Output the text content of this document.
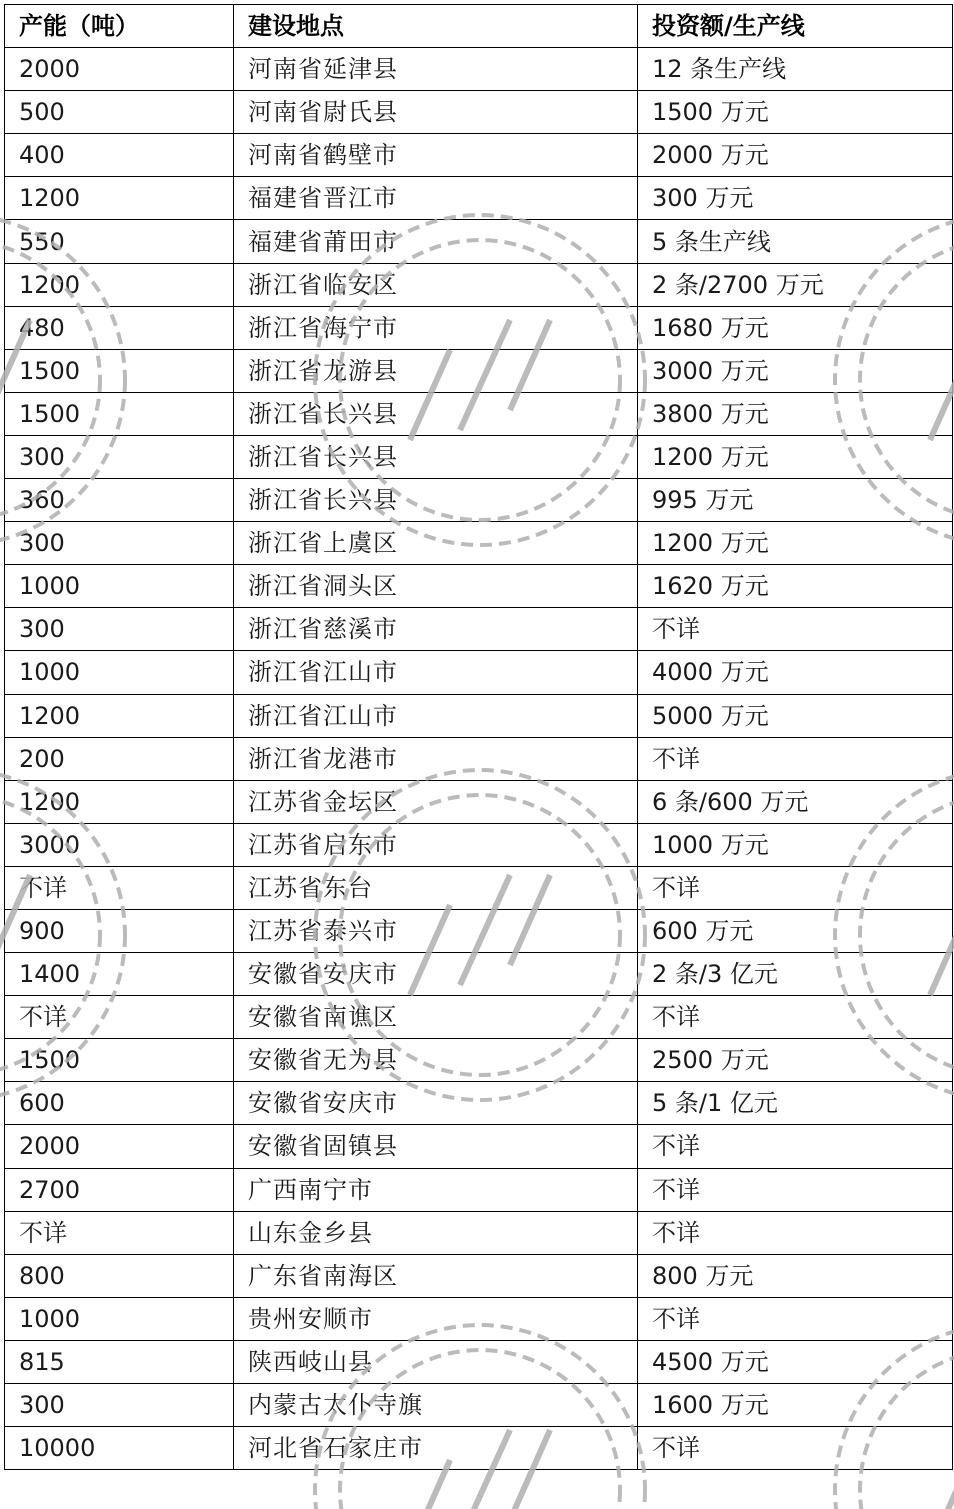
产能（吨）	建设地点	投资额/生产线
2000	河南省延津县	12 条生产线
500	河南省尉氏县	1500 万元
400	河南省鹤壁市	2000 万元
1200	福建省晋江市	300 万元
550	福建省莆田市	5 条生产线
1200	浙江省临安区	2 条/2700 万元
480	浙江省海宁市	1680 万元
1500	浙江省龙游县	3000 万元
1500	浙江省长兴县	3800 万元
300	浙江省长兴县	1200 万元
360	浙江省长兴县	995 万元
300	浙江省上虞区	1200 万元
1000	浙江省洞头区	1620 万元
300	浙江省慈溪市	不详
1000	浙江省江山市	4000 万元
1200	浙江省江山市	5000 万元
200	浙江省龙港市	不详
1200	江苏省金坛区	6 条/600 万元
3000	江苏省启东市	1000 万元
不详	江苏省东台	不详
900	江苏省泰兴市	600 万元
1400	安徽省安庆市	2 条/3 亿元
不详	安徽省南谯区	不详
1500	安徽省无为县	2500 万元
600	安徽省安庆市	5 条/1 亿元
2000	安徽省固镇县	不详
2700	广西南宁市	不详
不详	山东金乡县	不详
800	广东省南海区	800 万元
1000	贵州安顺市	不详
815	陕西岐山县	4500 万元
300	内蒙古太仆寺旗	1600 万元
10000	河北省石家庄市	不详
